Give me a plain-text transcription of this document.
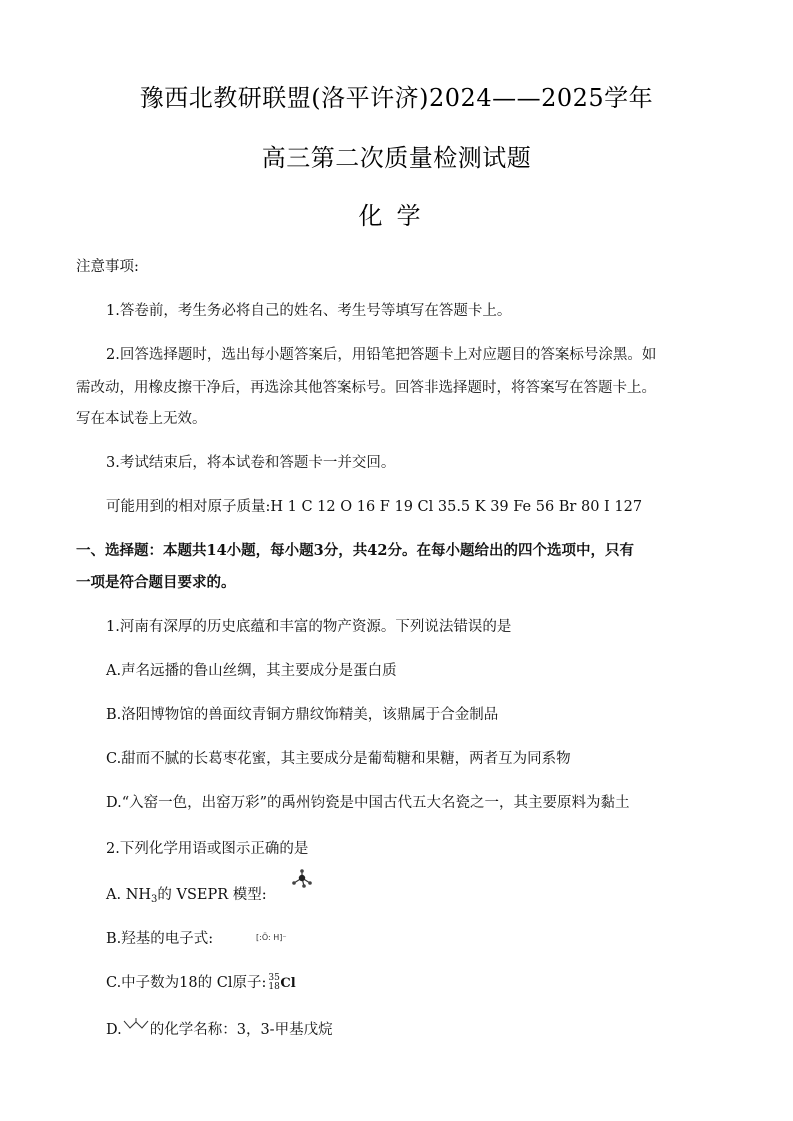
豫西北教研联盟(洛平许济)2024——2025学年
高三第二次质量检测试题
化学
注意事项:
1.答卷前，考生务必将自己的姓名、考生号等填写在答题卡上。
2.回答选择题时，选出每小题答案后，用铅笔把答题卡上对应题目的答案标号涂黑。如
需改动，用橡皮擦干净后，再选涂其他答案标号。回答非选择题时，将答案写在答题卡上。
写在本试卷上无效。
3.考试结束后，将本试卷和答题卡一并交回。
可能用到的相对原子质量:H 1 C 12 O 16 F 19 Cl 35.5 K 39 Fe 56 Br 80 I 127
一、选择题：本题共14小题，每小题3分，共42分。在每小题给出的四个选项中，只有
一项是符合题目要求的。
1.河南有深厚的历史底蕴和丰富的物产资源。下列说法错误的是
A.声名远播的鲁山丝绸，其主要成分是蛋白质
B.洛阳博物馆的兽面纹青铜方鼎纹饰精美，该鼎属于合金制品
C.甜而不腻的长葛枣花蜜，其主要成分是葡萄糖和果糖，两者互为同系物
D.“入窑一色，出窑万彩”的禹州钧瓷是中国古代五大名瓷之一，其主要原料为黏土
2.下列化学用语或图示正确的是
A. $NH_3$的 VSEPR 模型:
B.羟基的电子式:	[:Ö: H]⁻
C.中子数为18的 Cl原子: 35
18 Cl
D. 的化学名称：3，3-甲基戊烷
